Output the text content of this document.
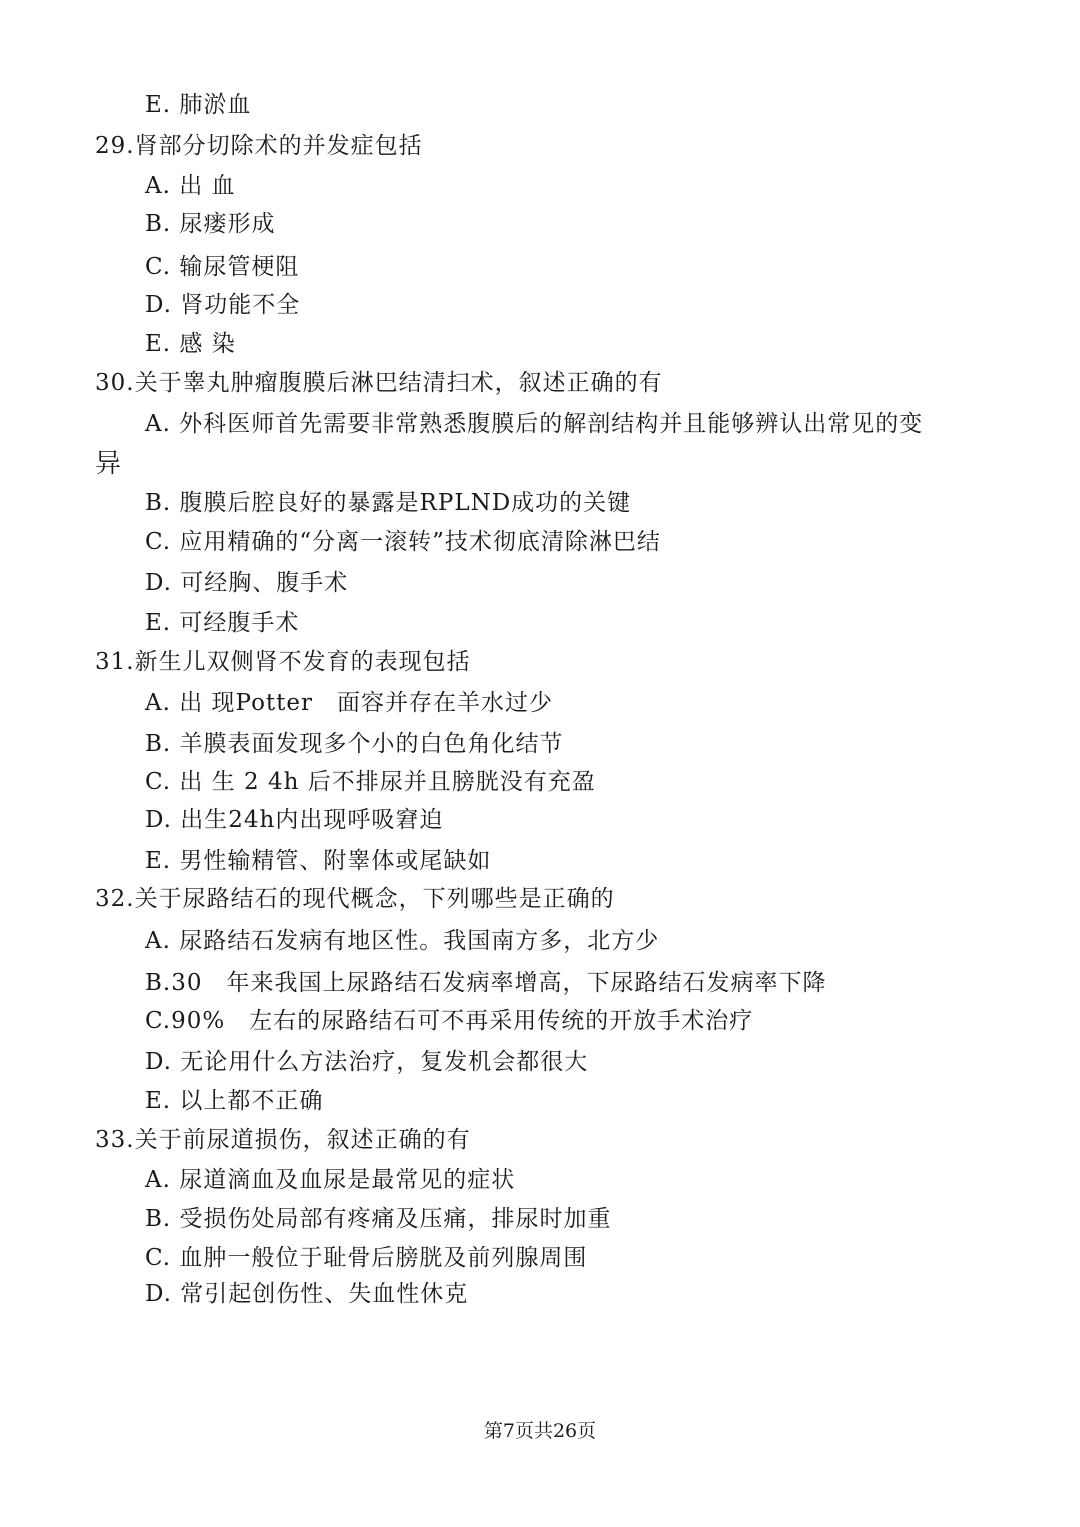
E. 肺淤血
29.肾部分切除术的并发症包括
A. 出 血
B. 尿瘘形成
C. 输尿管梗阻
D. 肾功能不全
E. 感 染
30.关于睾丸肿瘤腹膜后淋巴结清扫术，叙述正确的有
A. 外科医师首先需要非常熟悉腹膜后的解剖结构并且能够辨认出常见的变
异
B. 腹膜后腔良好的暴露是RPLND成功的关键
C. 应用精确的“分离一滚转”技术彻底清除淋巴结
D. 可经胸、腹手术
E. 可经腹手术
31.新生儿双侧肾不发育的表现包括
A. 出 现Potter　面容并存在羊水过少
B. 羊膜表面发现多个小的白色角化结节
C. 出 生 2 4h 后不排尿并且膀胱没有充盈
D. 出生24h内出现呼吸窘迫
E. 男性输精管、附睾体或尾缺如
32.关于尿路结石的现代概念，下列哪些是正确的
A. 尿路结石发病有地区性。我国南方多，北方少
B.30　年来我国上尿路结石发病率增高，下尿路结石发病率下降
C.90%　左右的尿路结石可不再采用传统的开放手术治疗
D. 无论用什么方法治疗，复发机会都很大
E. 以上都不正确
33.关于前尿道损伤，叙述正确的有
A. 尿道滴血及血尿是最常见的症状
B. 受损伤处局部有疼痛及压痛，排尿时加重
C. 血肿一般位于耻骨后膀胱及前列腺周围
D. 常引起创伤性、失血性休克
第7页共26页
